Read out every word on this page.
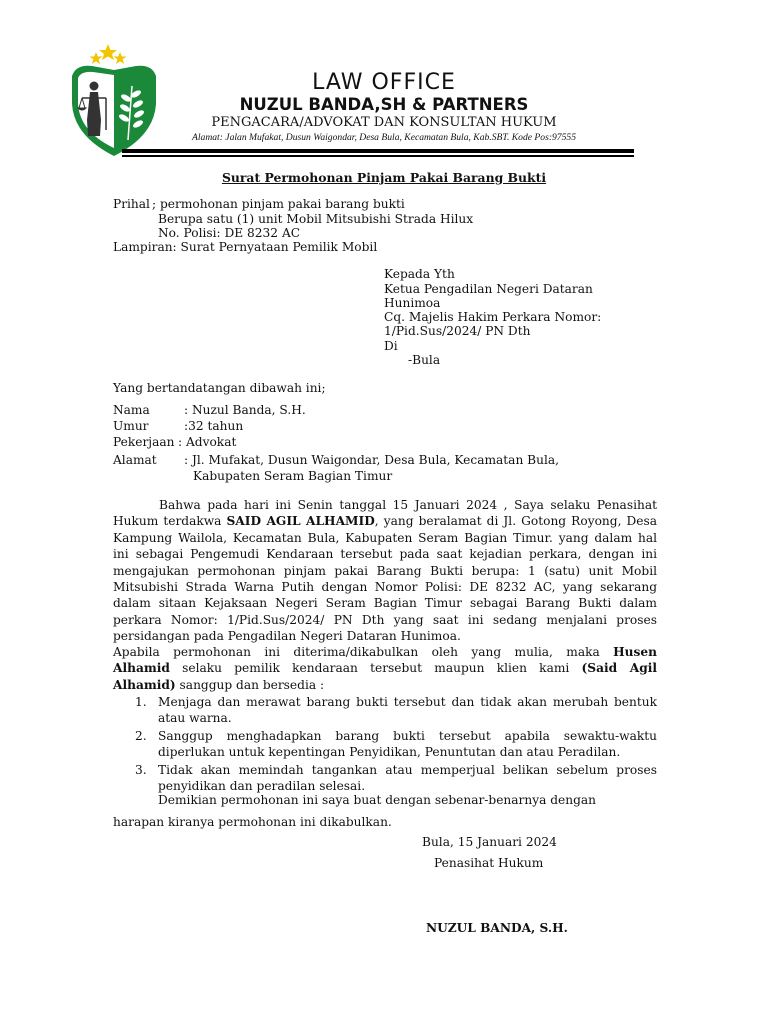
LAW OFFICE
NUZUL BANDA,SH & PARTNERS
PENGACARA/ADVOKAT DAN KONSULTAN HUKUM
Alamat: Jalan Mufakat, Dusun Waigondar, Desa Bula, Kecamatan Bula, Kab.SBT. Kode Pos:97555
Surat Permohonan Pinjam Pakai Barang Bukti
Prihal ; permohonan pinjam pakai barang bukti
Berupa satu (1) unit Mobil Mitsubishi Strada Hilux
No. Polisi: DE 8232 AC
Lampiran: Surat Pernyataan Pemilik Mobil
Kepada Yth
Ketua Pengadilan Negeri Dataran
Hunimoa
Cq. Majelis Hakim Perkara Nomor:
1/Pid.Sus/2024/ PN Dth
Di
-Bula
Yang bertandatangan dibawah ini;
Nama	: Nuzul Banda, S.H.
Umur	:32 tahun
Pekerjaan : Advokat
Alamat : Jl. Mufakat, Dusun Waigondar, Desa Bula, Kecamatan Bula,
Kabupaten Seram Bagian Timur
Bahwa pada hari ini Senin tanggal 15 Januari 2024 , Saya selaku Penasihat
Hukum terdakwa SAID AGIL ALHAMID, yang beralamat di Jl. Gotong Royong, Desa
Kampung Wailola, Kecamatan Bula, Kabupaten Seram Bagian Timur. yang dalam hal
ini sebagai Pengemudi Kendaraan tersebut pada saat kejadian perkara, dengan ini
mengajukan permohonan pinjam pakai Barang Bukti berupa: 1 (satu) unit Mobil
Mitsubishi Strada Warna Putih dengan Nomor Polisi: DE 8232 AC, yang sekarang
dalam sitaan Kejaksaan Negeri Seram Bagian Timur sebagai Barang Bukti dalam
perkara Nomor: 1/Pid.Sus/2024/ PN Dth yang saat ini sedang menjalani proses
persidangan pada Pengadilan Negeri Dataran Hunimoa.
Apabila permohonan ini diterima/dikabulkan oleh yang mulia, maka Husen
Alhamid selaku pemilik kendaraan tersebut maupun klien kami (Said Agil
Alhamid) sanggup dan bersedia :
1. Menjaga dan merawat barang bukti tersebut dan tidak akan merubah bentuk
atau warna.
2. Sanggup menghadapkan barang bukti tersebut apabila sewaktu-waktu
diperlukan untuk kepentingan Penyidikan, Penuntutan dan atau Peradilan.
3. Tidak akan memindah tangankan atau memperjual belikan sebelum proses
penyidikan dan peradilan selesai.
Demikian permohonan ini saya buat dengan sebenar-benarnya dengan
harapan kiranya permohonan ini dikabulkan.
Bula, 15 Januari 2024
Penasihat Hukum
NUZUL BANDA, S.H.
